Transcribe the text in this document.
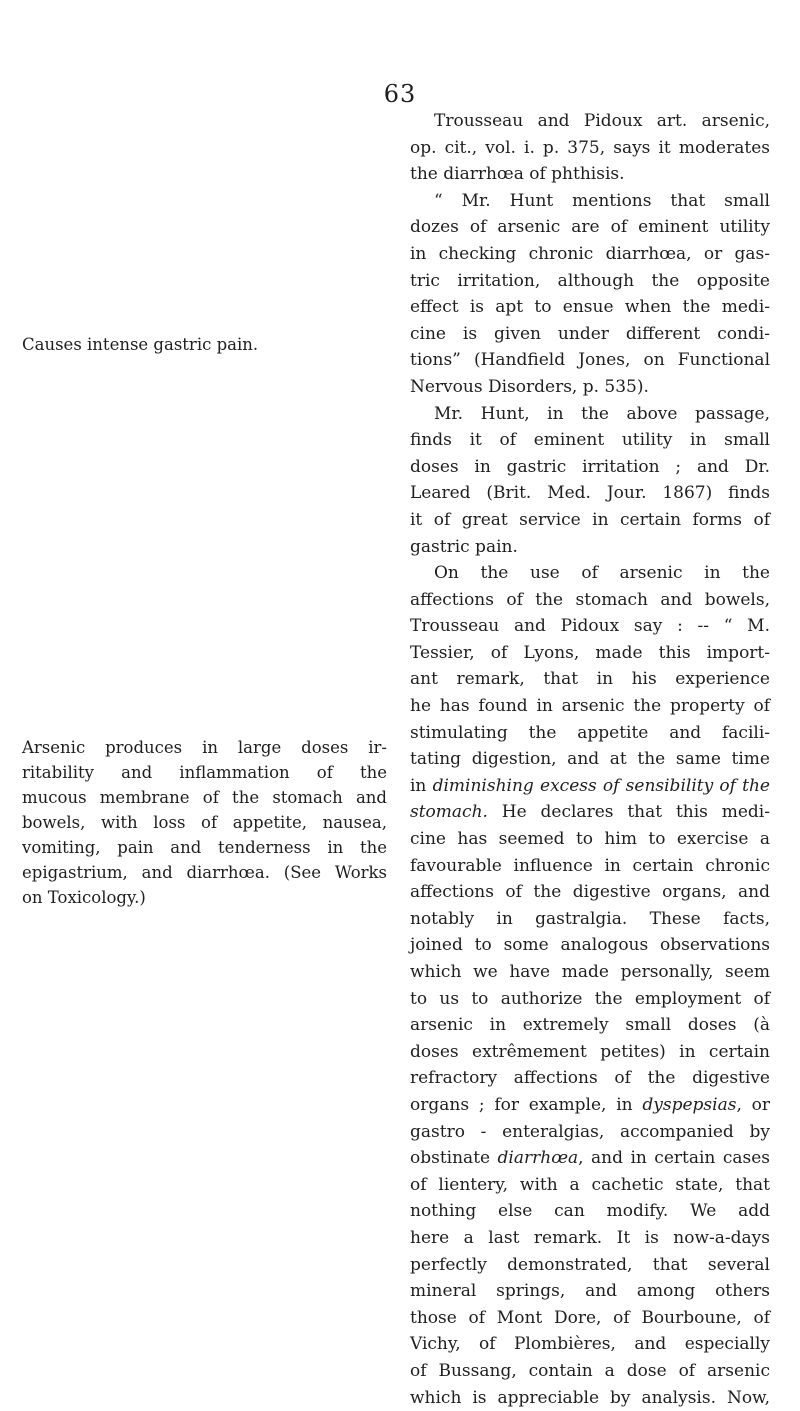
63
Causes intense gastric pain.
Arsenic produces in large doses ir-
ritability and inflammation of the
mucous membrane of the stomach and
bowels, with loss of appetite, nausea,
vomiting, pain and tenderness in the
epigastrium, and diarrhœa. (See Works
on Toxicology.)
Trousseau and Pidoux art. arsenic,
op. cit., vol. i. p. 375, says it moderates
the diarrhœa of phthisis.
“ Mr. Hunt mentions that small
dozes of arsenic are of eminent utility
in checking chronic diarrhœa, or gas-
tric irritation, although the opposite
effect is apt to ensue when the medi-
cine is given under different condi-
tions” (Handfield Jones, on Functional
Nervous Disorders, p. 535).
Mr. Hunt, in the above passage,
finds it of eminent utility in small
doses in gastric irritation ; and Dr.
Leared (Brit. Med. Jour. 1867) finds
it of great service in certain forms of
gastric pain.
On the use of arsenic in the
affections of the stomach and bowels,
Trousseau and Pidoux say : -- “ M.
Tessier, of Lyons, made this import-
ant remark, that in his experience
he has found in arsenic the property of
stimulating the appetite and facili-
tating digestion, and at the same time
in diminishing excess of sensibility of the
stomach. He declares that this medi-
cine has seemed to him to exercise a
favourable influence in certain chronic
affections of the digestive organs, and
notably in gastralgia. These facts,
joined to some analogous observations
which we have made personally, seem
to us to authorize the employment of
arsenic in extremely small doses (à
doses extrêmement petites) in certain
refractory affections of the digestive
organs ; for example, in dyspepsias, or
gastro - enteralgias, accompanied by
obstinate diarrhœa, and in certain cases
of lientery, with a cachetic state, that
nothing else can modify. We add
here a last remark. It is now-a-days
perfectly demonstrated, that several
mineral springs, and among others
those of Mont Dore, of Bourboune, of
Vichy, of Plombières, and especially
of Bussang, contain a dose of arsenic
which is appreciable by analysis. Now,
